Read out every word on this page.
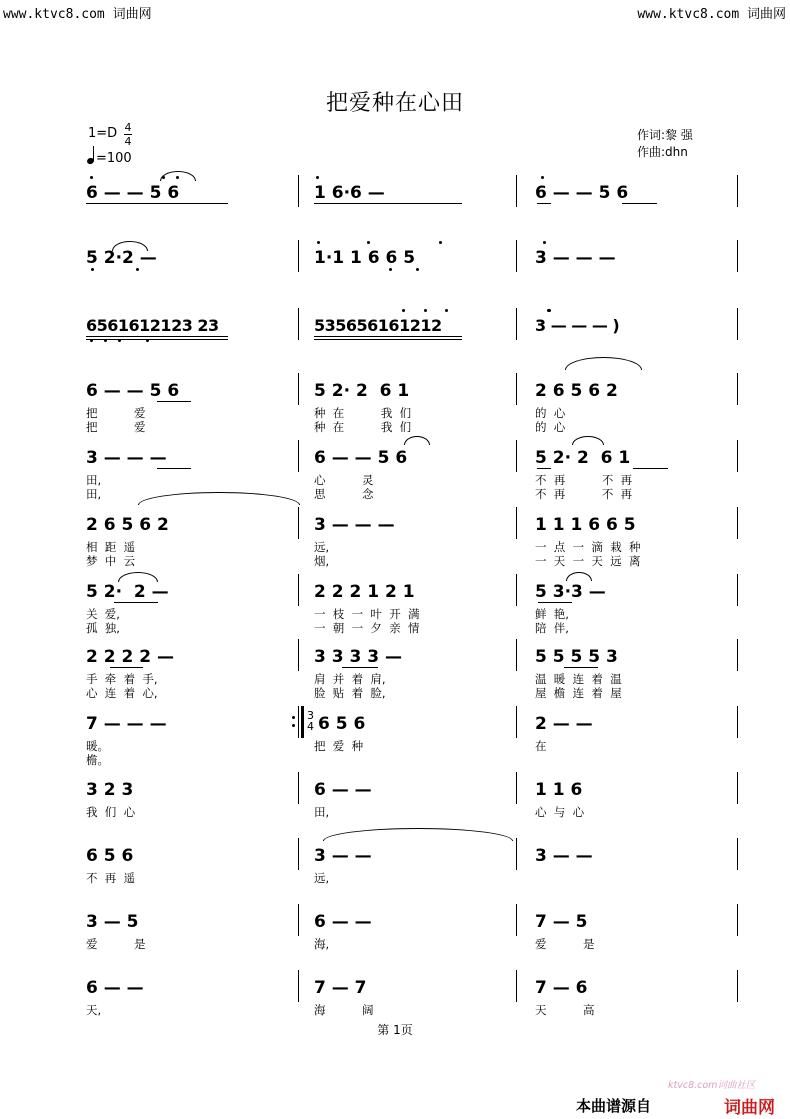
www.ktvc8.com 词曲网	www.ktvc8.com 词曲网
把爱种在心田
1=D 4
4
=100
作词:黎 强
作曲:dhn
6 — — 5 6	1 6·6 —	6 — — 5 6
5 2·2 —	1·1 1 6 6 5	3 — — —
6561612123 23	535656161212	3 — — — )
6 — — 5 6
把          爱
把          爱
5 2· 2  6 1
种  在          我  们
种  在          我  们
2 6 5 6 2
的  心
的  心
3 — — —
田,
田,
6 — — 5 6
心          灵
思          念
5 2· 2  6 1
不  再          不  再
不  再          不  再
2 6 5 6 2
相  距  遥
梦  中  云
3 — — —
远,
烟,
1 1 1 6 6 5
一  点  一  滴  栽  种
一  天  一  天  远  离
5 2·  2 —
关  爱,
孤  独,
2 2 2 1 2 1
一  枝  一  叶  开  满
一  朝  一  夕  亲  情
5 3·3 —
鲜  艳,
陪  伴,
2 2 2 2 —
手  牵  着  手,
心  连  着  心,
3 3 3 3 —
肩  并  着  肩,
脸  贴  着  脸,
5 5 5 5 3
温  暖  连  着  温
屋  檐  连  着  屋
7 — — —
暖。
檐。
6 5 6
把  爱  种
2 — —
在
3 2 3
我  们  心
6 — —
田,
1 1 6
心  与  心
6 5 6
不  再  遥
3 — —
远,
3 — —
3 — 5
爱          是
6 — —
海,
7 — 5
爱          是
6 — —
天,
7 — 7
海          阔
7 — 6
天          高
3
4
第 1页
ktvc8.com词曲社区
本曲谱源自	词曲网
